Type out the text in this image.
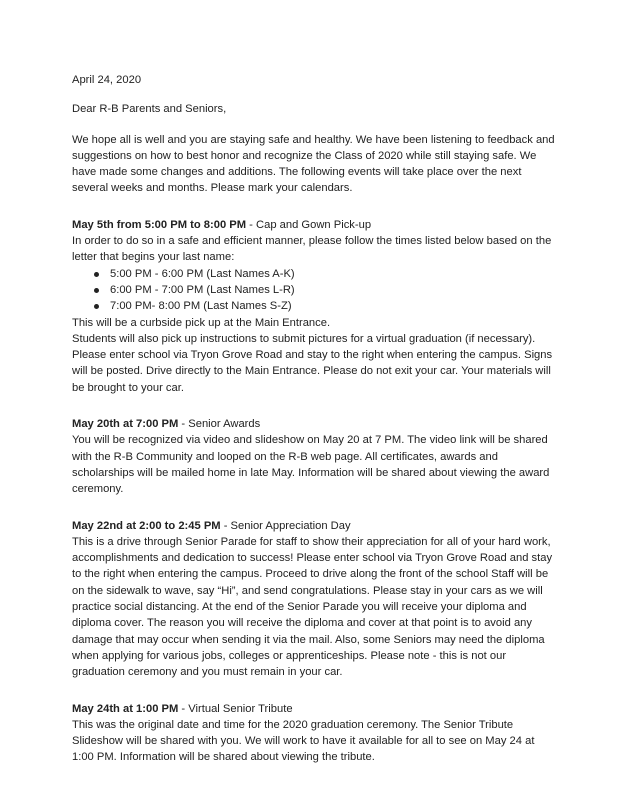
April 24, 2020

Dear R-B Parents and Seniors,

We hope all is well and you are staying safe and healthy. We have been listening to feedback and suggestions on how to best honor and recognize the Class of 2020 while still staying safe. We have made some changes and additions. The following events will take place over the next several weeks and months. Please mark your calendars.

May 5th from 5:00 PM to 8:00 PM - Cap and Gown Pick-up

In order to do so in a safe and efficient manner, please follow the times listed below based on the letter that begins your last name:

5:00 PM - 6:00 PM (Last Names A-K)
6:00 PM - 7:00 PM (Last Names L-R)
7:00 PM- 8:00 PM (Last Names S-Z)

This will be a curbside pick up at the Main Entrance.

Students will also pick up instructions to submit pictures for a virtual graduation (if necessary). Please enter school via Tryon Grove Road and stay to the right when entering the campus. Signs will be posted. Drive directly to the Main Entrance. Please do not exit your car. Your materials will be brought to your car.

May 20th at 7:00 PM - Senior Awards

You will be recognized via video and slideshow on May 20 at 7 PM. The video link will be shared with the R-B Community and looped on the R-B web page. All certificates, awards and scholarships will be mailed home in late May. Information will be shared about viewing the award ceremony.

May 22nd at 2:00 to 2:45 PM - Senior Appreciation Day

This is a drive through Senior Parade for staff to show their appreciation for all of your hard work, accomplishments and dedication to success! Please enter school via Tryon Grove Road and stay to the right when entering the campus. Proceed to drive along the front of the school Staff will be on the sidewalk to wave, say “Hi”, and send congratulations. Please stay in your cars as we will practice social distancing. At the end of the Senior Parade you will receive your diploma and diploma cover. The reason you will receive the diploma and cover at that point is to avoid any damage that may occur when sending it via the mail. Also, some Seniors may need the diploma when applying for various jobs, colleges or apprenticeships. Please note - this is not our graduation ceremony and you must remain in your car.

May 24th at 1:00 PM - Virtual Senior Tribute

This was the original date and time for the 2020 graduation ceremony. The Senior Tribute Slideshow will be shared with you. We will work to have it available for all to see on May 24 at 1:00 PM. Information will be shared about viewing the tribute.
